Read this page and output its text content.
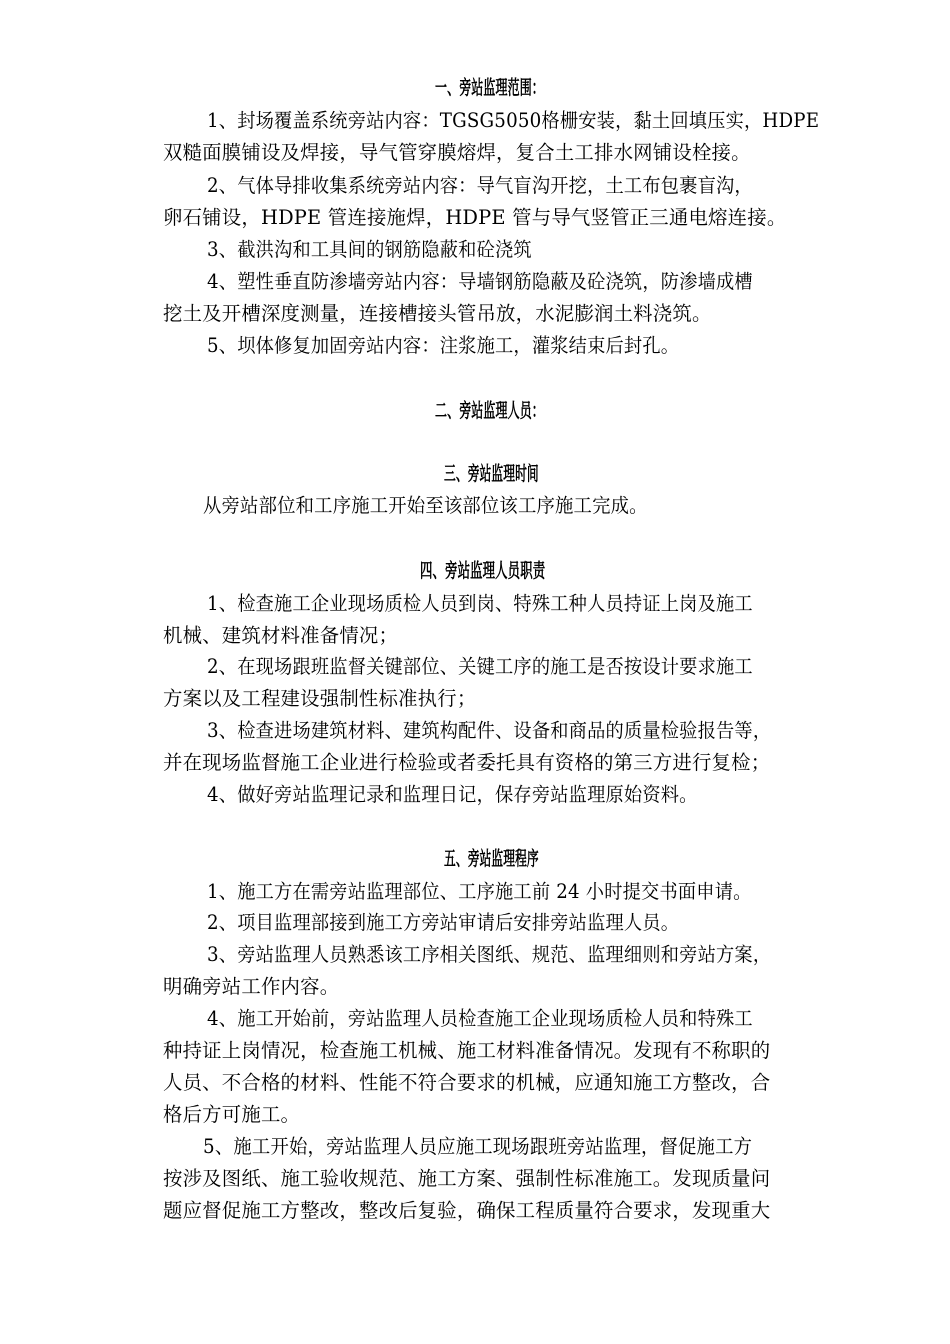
一、旁站监理范围：
1、封场覆盖系统旁站内容：TGSG5050格栅安装，黏土回填压实，HDPE
双糙面膜铺设及焊接，导气管穿膜熔焊，复合土工排水网铺设栓接。
2、气体导排收集系统旁站内容：导气盲沟开挖，土工布包裹盲沟，
卵石铺设，HDPE 管连接施焊，HDPE 管与导气竖管正三通电熔连接。
3、截洪沟和工具间的钢筋隐蔽和砼浇筑
4、塑性垂直防渗墙旁站内容：导墙钢筋隐蔽及砼浇筑，防渗墙成槽
挖土及开槽深度测量，连接槽接头管吊放，水泥膨润土料浇筑。
5、坝体修复加固旁站内容：注浆施工，灌浆结束后封孔。
二、旁站监理人员：
三、旁站监理时间
从旁站部位和工序施工开始至该部位该工序施工完成。
四、旁站监理人员职责
1、检查施工企业现场质检人员到岗、特殊工种人员持证上岗及施工
机械、建筑材料准备情况；
2、在现场跟班监督关键部位、关键工序的施工是否按设计要求施工
方案以及工程建设强制性标准执行；
3、检查进场建筑材料、建筑构配件、设备和商品的质量检验报告等，
并在现场监督施工企业进行检验或者委托具有资格的第三方进行复检；
4、做好旁站监理记录和监理日记，保存旁站监理原始资料。
五、旁站监理程序
1、施工方在需旁站监理部位、工序施工前 24 小时提交书面申请。
2、项目监理部接到施工方旁站审请后安排旁站监理人员。
3、旁站监理人员熟悉该工序相关图纸、规范、监理细则和旁站方案，
明确旁站工作内容。
4、施工开始前，旁站监理人员检查施工企业现场质检人员和特殊工
种持证上岗情况，检查施工机械、施工材料准备情况。发现有不称职的
人员、不合格的材料、性能不符合要求的机械，应通知施工方整改，合
格后方可施工。
5、施工开始，旁站监理人员应施工现场跟班旁站监理，督促施工方
按涉及图纸、施工验收规范、施工方案、强制性标准施工。发现质量问
题应督促施工方整改，整改后复验，确保工程质量符合要求，发现重大
